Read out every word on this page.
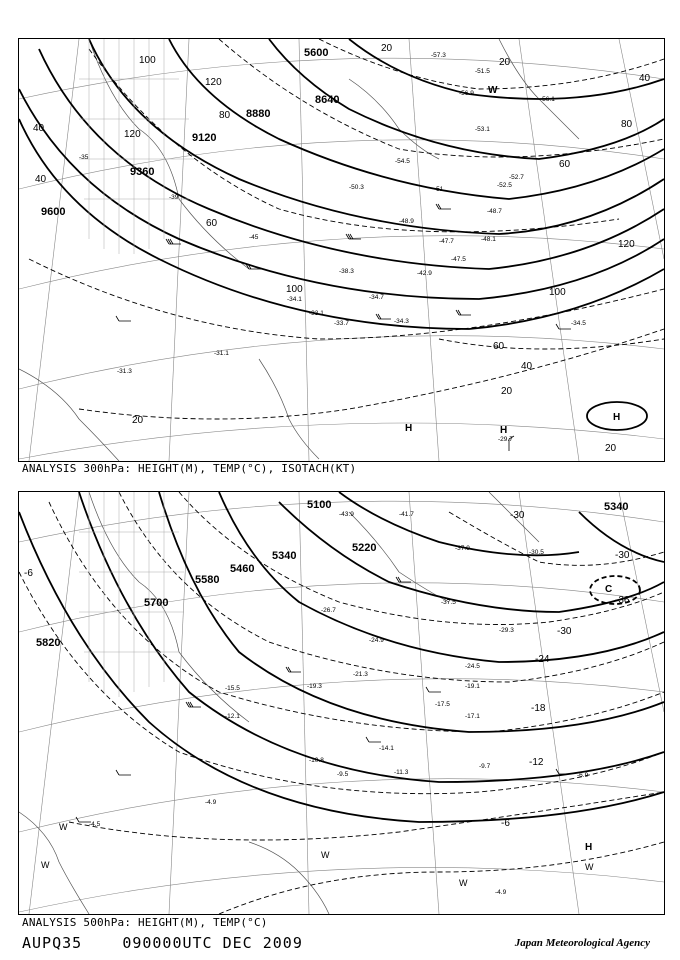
8640
8880
9120
9360
9600
5600	20
20
40
40
60
60
80
80
100
100	100
120
120
120
60
40
20
20
20
40
-57.3
-51.5
-56.1
-56.9
-53.1
-54.5
-50.3	-52.5
-52.7
-48.7
-48.9
-48.1
-47.7
-47.5
-42.9
-38.3
-34.5
-34.7
-34.1
-33.1
-33.7	-34.3
-31.1
-31.3
-29.7
-35
-39
-45
-51
H	H
H
W
ANALYSIS 300hPa: HEIGHT(M), TEMP(°C), ISOTACH(KT)
5100
5220
5340
5460
5580
5700
5820
5340
-30
-30
-36
-30
-24
-18
-12
-6
-6
-43.9	-41.7
-37.9
-37.5
-30.5
-29.3
-26.7
-24.9
-24.5
-21.3
-19.1
-19.3
-17.5
-17.1
-15.5
-14.1
-12.1
-11.3
-9.7
-9.5	-6.9
-4.9
-4.5
-4.9
-10.8
H
C
W
W
W
W
W
ANALYSIS 500hPa: HEIGHT(M), TEMP(°C)
AUPQ35	090000UTC DEC 2009	Japan Meteorological Agency
